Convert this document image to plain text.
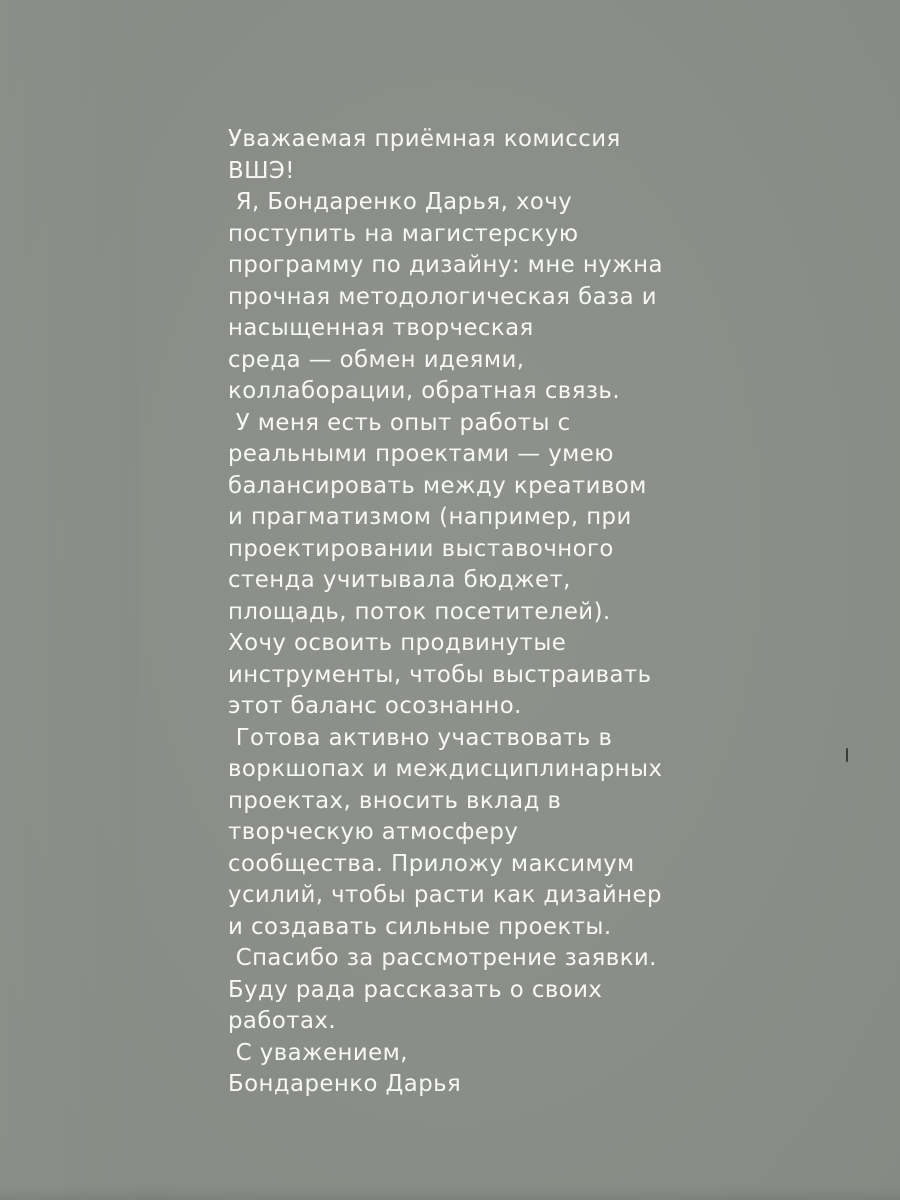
Уважаемая приёмная комиссия
ВШЭ!
Я, Бондаренко Дарья, хочу
поступить на магистерскую
программу по дизайну: мне нужна
прочная методологическая база и
насыщенная творческая
среда — обмен идеями,
коллаборации, обратная связь.
У меня есть опыт работы с
реальными проектами — умею
балансировать между креативом
и прагматизмом (например, при
проектировании выставочного
стенда учитывала бюджет,
площадь, поток посетителей).
Хочу освоить продвинутые
инструменты, чтобы выстраивать
этот баланс осознанно.
Готова активно участвовать в
воркшопах и междисциплинарных
проектах, вносить вклад в
творческую атмосферу
сообщества. Приложу максимум
усилий, чтобы расти как дизайнер
и создавать сильные проекты.
Спасибо за рассмотрение заявки.
Буду рада рассказать о своих
работах.
С уважением,
Бондаренко Дарья
